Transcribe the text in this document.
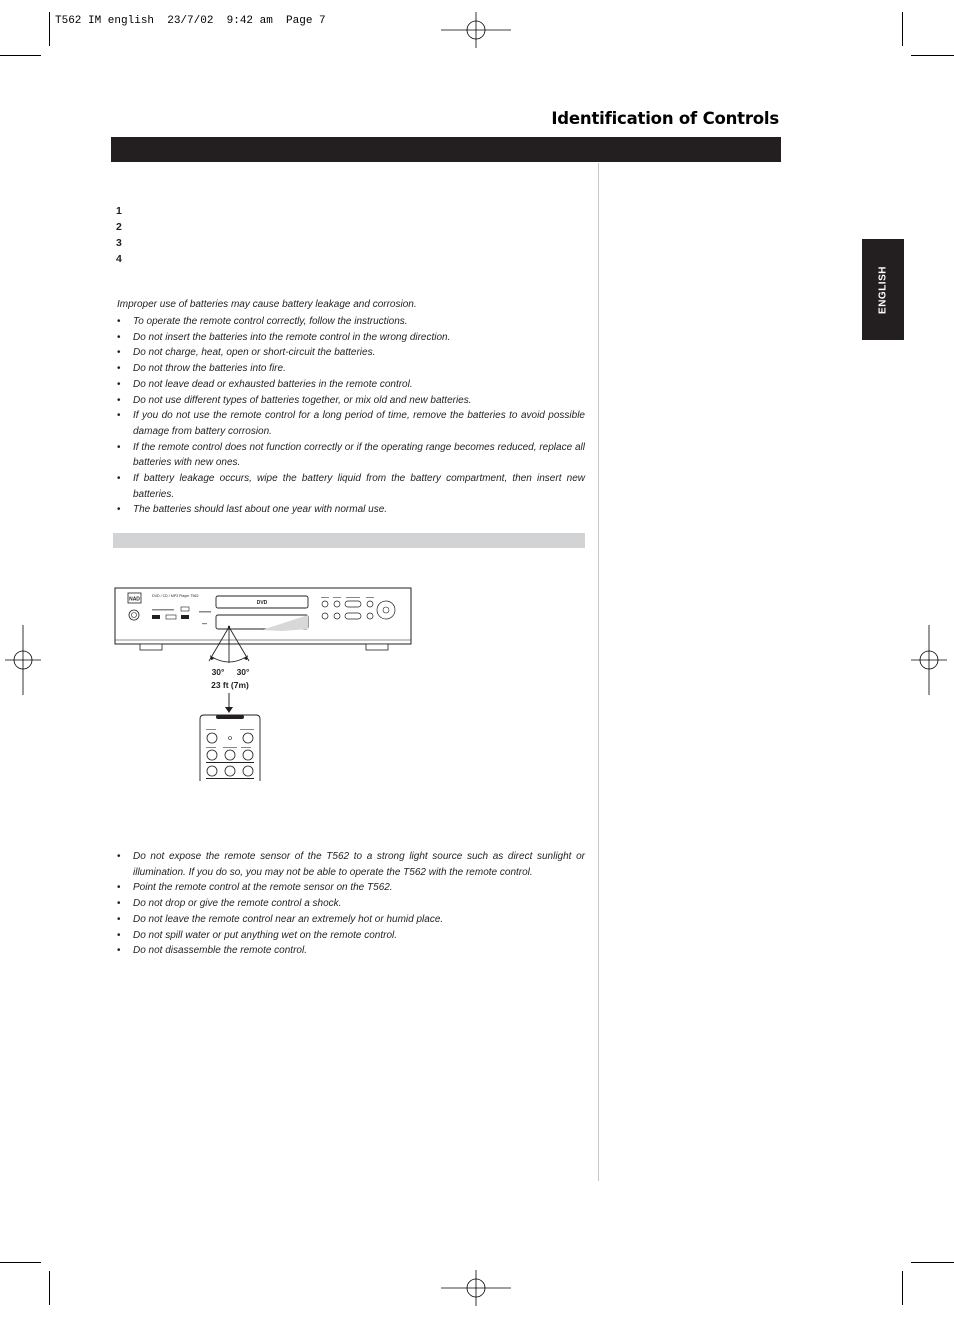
T562 IM english  23/7/02  9:42 am  Page 7
Identification of Controls
ENGLISH
1
2
3
4
Improper use of batteries may cause battery leakage and corrosion.
• To operate the remote control correctly, follow the instructions.
• Do not insert the batteries into the remote control in the wrong direction.
• Do not charge, heat, open or short-circuit the batteries.
• Do not throw the batteries into fire.
• Do not leave dead or exhausted batteries in the remote control.
• Do not use different types of batteries together, or mix old and new batteries.
• If you do not use the remote control for a long period of time, remove the batteries to avoid possible damage from battery corrosion.
• If the remote control does not function correctly or if the operating range becomes reduced, replace all batteries with new ones.
• If battery leakage occurs, wipe the battery liquid from the battery compartment, then insert new batteries.
• The batteries should last about one year with normal use.
NAD
DVD / CD / MP3 Player T562
DVD
30° 30°
23 ft (7m)
• Do not expose the remote sensor of the T562 to a strong light source such as direct sunlight or illumination. If you do so, you may not be able to operate the T562 with the remote control.
• Point the remote control at the remote sensor on the T562.
• Do not drop or give the remote control a shock.
• Do not leave the remote control near an extremely hot or humid place.
• Do not spill water or put anything wet on the remote control.
• Do not disassemble the remote control.
